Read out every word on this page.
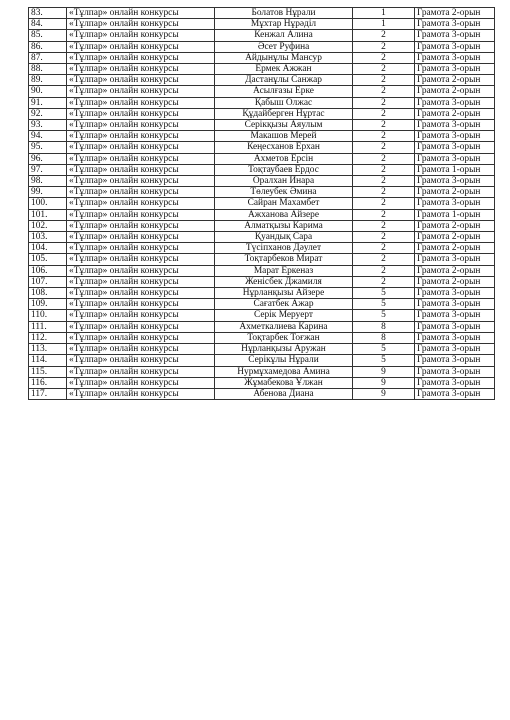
83.	«Тұлпар» онлайн конкурсы	Болатов Нұрали	1	Грамота 2-орын
84.	«Тұлпар» онлайн конкурсы	Мұхтар Нұрәділ	1	Грамота 3-орын
85.	«Тұлпар» онлайн конкурсы	Кенжал Алина	2	Грамота 3-орын
86.	«Тұлпар» онлайн конкурсы	Әсет Руфина	2	Грамота 3-орын
87.	«Тұлпар» онлайн конкурсы	Айдынұлы Мансур	2	Грамота 3-орын
88.	«Тұлпар» онлайн конкурсы	Ермек Ажжан	2	Грамота 3-орын
89.	«Тұлпар» онлайн конкурсы	Дастанұлы Санжар	2	Грамота 2-орын
90.	«Тұлпар» онлайн конкурсы	Асылғазы Ерке	2	Грамота 2-орын
91.	«Тұлпар» онлайн конкурсы	Қабыш Олжас	2	Грамота 3-орын
92.	«Тұлпар» онлайн конкурсы	Құдайберген Нұртас	2	Грамота 2-орын
93.	«Тұлпар» онлайн конкурсы	Серікқызы Аяулым	2	Грамота 3-орын
94.	«Тұлпар» онлайн конкурсы	Макашов Мерей	2	Грамота 3-орын
95.	«Тұлпар» онлайн конкурсы	Кеңесханов Ерхан	2	Грамота 3-орын
96.	«Тұлпар» онлайн конкурсы	Ахметов Ерсін	2	Грамота 3-орын
97.	«Тұлпар» онлайн конкурсы	Тоқтаубаев Ердос	2	Грамота 1-орын
98.	«Тұлпар» онлайн конкурсы	Оралхан Инара	2	Грамота 3-орын
99.	«Тұлпар» онлайн конкурсы	Төлеубек Әмина	2	Грамота 2-орын
100.	«Тұлпар» онлайн конкурсы	Сайран Махамбет	2	Грамота 3-орын
101.	«Тұлпар» онлайн конкурсы	Ажханова Айзере	2	Грамота 1-орын
102.	«Тұлпар» онлайн конкурсы	Алматқызы Карима	2	Грамота 2-орын
103.	«Тұлпар» онлайн конкурсы	Қуандық Сара	2	Грамота 2-орын
104.	«Тұлпар» онлайн конкурсы	Түсіпханов Дәулет	2	Грамота 2-орын
105.	«Тұлпар» онлайн конкурсы	Тоқтарбеков Мират	2	Грамота 3-орын
106.	«Тұлпар» онлайн конкурсы	Марат Еркеназ	2	Грамота 2-орын
107.	«Тұлпар» онлайн конкурсы	Женісбек Джамиля	2	Грамота 2-орын
108.	«Тұлпар» онлайн конкурсы	Нұрланқызы Айзере	5	Грамота 3-орын
109.	«Тұлпар» онлайн конкурсы	Сағатбек Ажар	5	Грамота 3-орын
110.	«Тұлпар» онлайн конкурсы	Серік Меруерт	5	Грамота 3-орын
111.	«Тұлпар» онлайн конкурсы	Ахметкалиева Карина	8	Грамота 3-орын
112.	«Тұлпар» онлайн конкурсы	Тоқтарбек Тоғжан	8	Грамота 3-орын
113.	«Тұлпар» онлайн конкурсы	Нұрланқызы Аружан	5	Грамота 3-орын
114.	«Тұлпар» онлайн конкурсы	Серікұлы Нұрали	5	Грамота 3-орын
115.	«Тұлпар» онлайн конкурсы	Нурмұхамедова Амина	9	Грамота 3-орын
116.	«Тұлпар» онлайн конкурсы	Жұмабекова Ұлжан	9	Грамота 3-орын
117.	«Тұлпар» онлайн конкурсы	Абенова Диана	9	Грамота 3-орын
